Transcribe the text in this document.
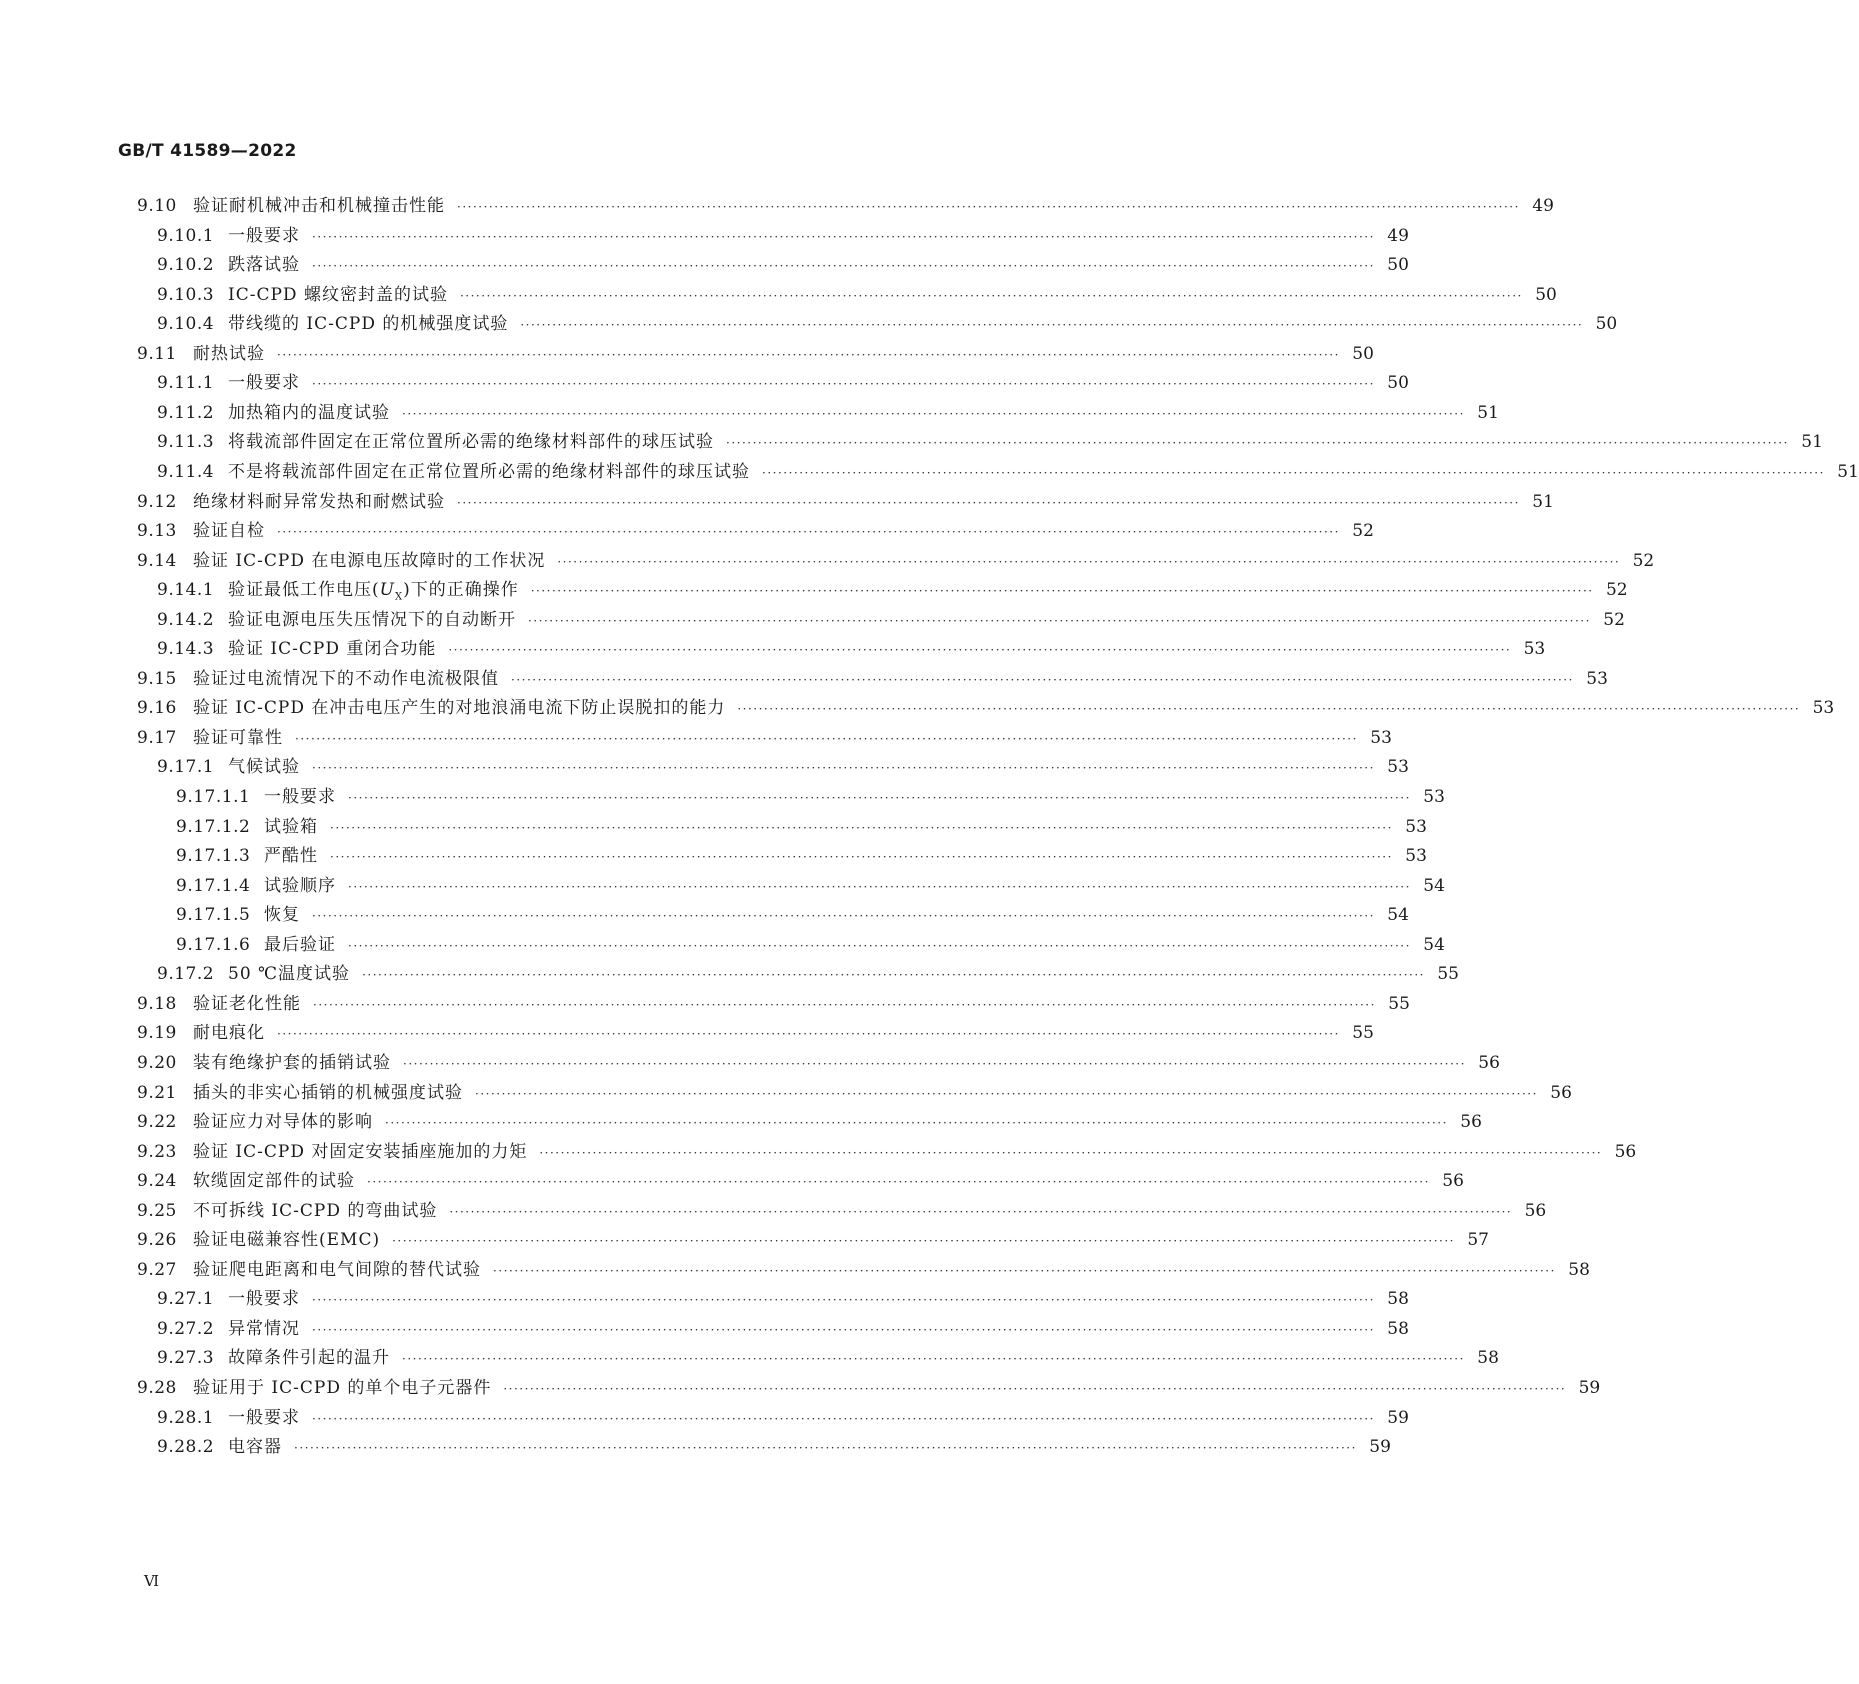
GB/T 41589—2022
9.10 验证耐机械冲击和机械撞击性能 ········································································································································································································ 49
9.10.1 一般要求 ········································································································································································································ 49
9.10.2 跌落试验 ········································································································································································································ 50
9.10.3 IC-CPD 螺纹密封盖的试验 ········································································································································································································ 50
9.10.4 带线缆的 IC-CPD 的机械强度试验 ········································································································································································································ 50
9.11 耐热试验 ········································································································································································································ 50
9.11.1 一般要求 ········································································································································································································ 50
9.11.2 加热箱内的温度试验 ········································································································································································································ 51
9.11.3 将载流部件固定在正常位置所必需的绝缘材料部件的球压试验 ········································································································································································································ 51
9.11.4 不是将载流部件固定在正常位置所必需的绝缘材料部件的球压试验 ········································································································································································································ 51
9.12 绝缘材料耐异常发热和耐燃试验 ········································································································································································································ 51
9.13 验证自检 ········································································································································································································ 52
9.14 验证 IC-CPD 在电源电压故障时的工作状况 ········································································································································································································ 52
9.14.1 验证最低工作电压$(U_X)$下的正确操作 ········································································································································································································ 52
9.14.2 验证电源电压失压情况下的自动断开 ········································································································································································································ 52
9.14.3 验证 IC-CPD 重闭合功能 ········································································································································································································ 53
9.15 验证过电流情况下的不动作电流极限值 ········································································································································································································ 53
9.16 验证 IC-CPD 在冲击电压产生的对地浪涌电流下防止误脱扣的能力 ········································································································································································································ 53
9.17 验证可靠性 ········································································································································································································ 53
9.17.1 气候试验 ········································································································································································································ 53
9.17.1.1 一般要求 ········································································································································································································ 53
9.17.1.2 试验箱 ········································································································································································································ 53
9.17.1.3 严酷性 ········································································································································································································ 53
9.17.1.4 试验顺序 ········································································································································································································ 54
9.17.1.5 恢复 ········································································································································································································ 54
9.17.1.6 最后验证 ········································································································································································································ 54
9.17.2 50 ℃温度试验 ········································································································································································································ 55
9.18 验证老化性能 ········································································································································································································ 55
9.19 耐电痕化 ········································································································································································································ 55
9.20 装有绝缘护套的插销试验 ········································································································································································································ 56
9.21 插头的非实心插销的机械强度试验 ········································································································································································································ 56
9.22 验证应力对导体的影响 ········································································································································································································ 56
9.23 验证 IC-CPD 对固定安装插座施加的力矩 ········································································································································································································ 56
9.24 软缆固定部件的试验 ········································································································································································································ 56
9.25 不可拆线 IC-CPD 的弯曲试验 ········································································································································································································ 56
9.26 验证电磁兼容性(EMC) ········································································································································································································ 57
9.27 验证爬电距离和电气间隙的替代试验 ········································································································································································································ 58
9.27.1 一般要求 ········································································································································································································ 58
9.27.2 异常情况 ········································································································································································································ 58
9.27.3 故障条件引起的温升 ········································································································································································································ 58
9.28 验证用于 IC-CPD 的单个电子元器件 ········································································································································································································ 59
9.28.1 一般要求 ········································································································································································································ 59
9.28.2 电容器 ········································································································································································································ 59
Ⅵ
